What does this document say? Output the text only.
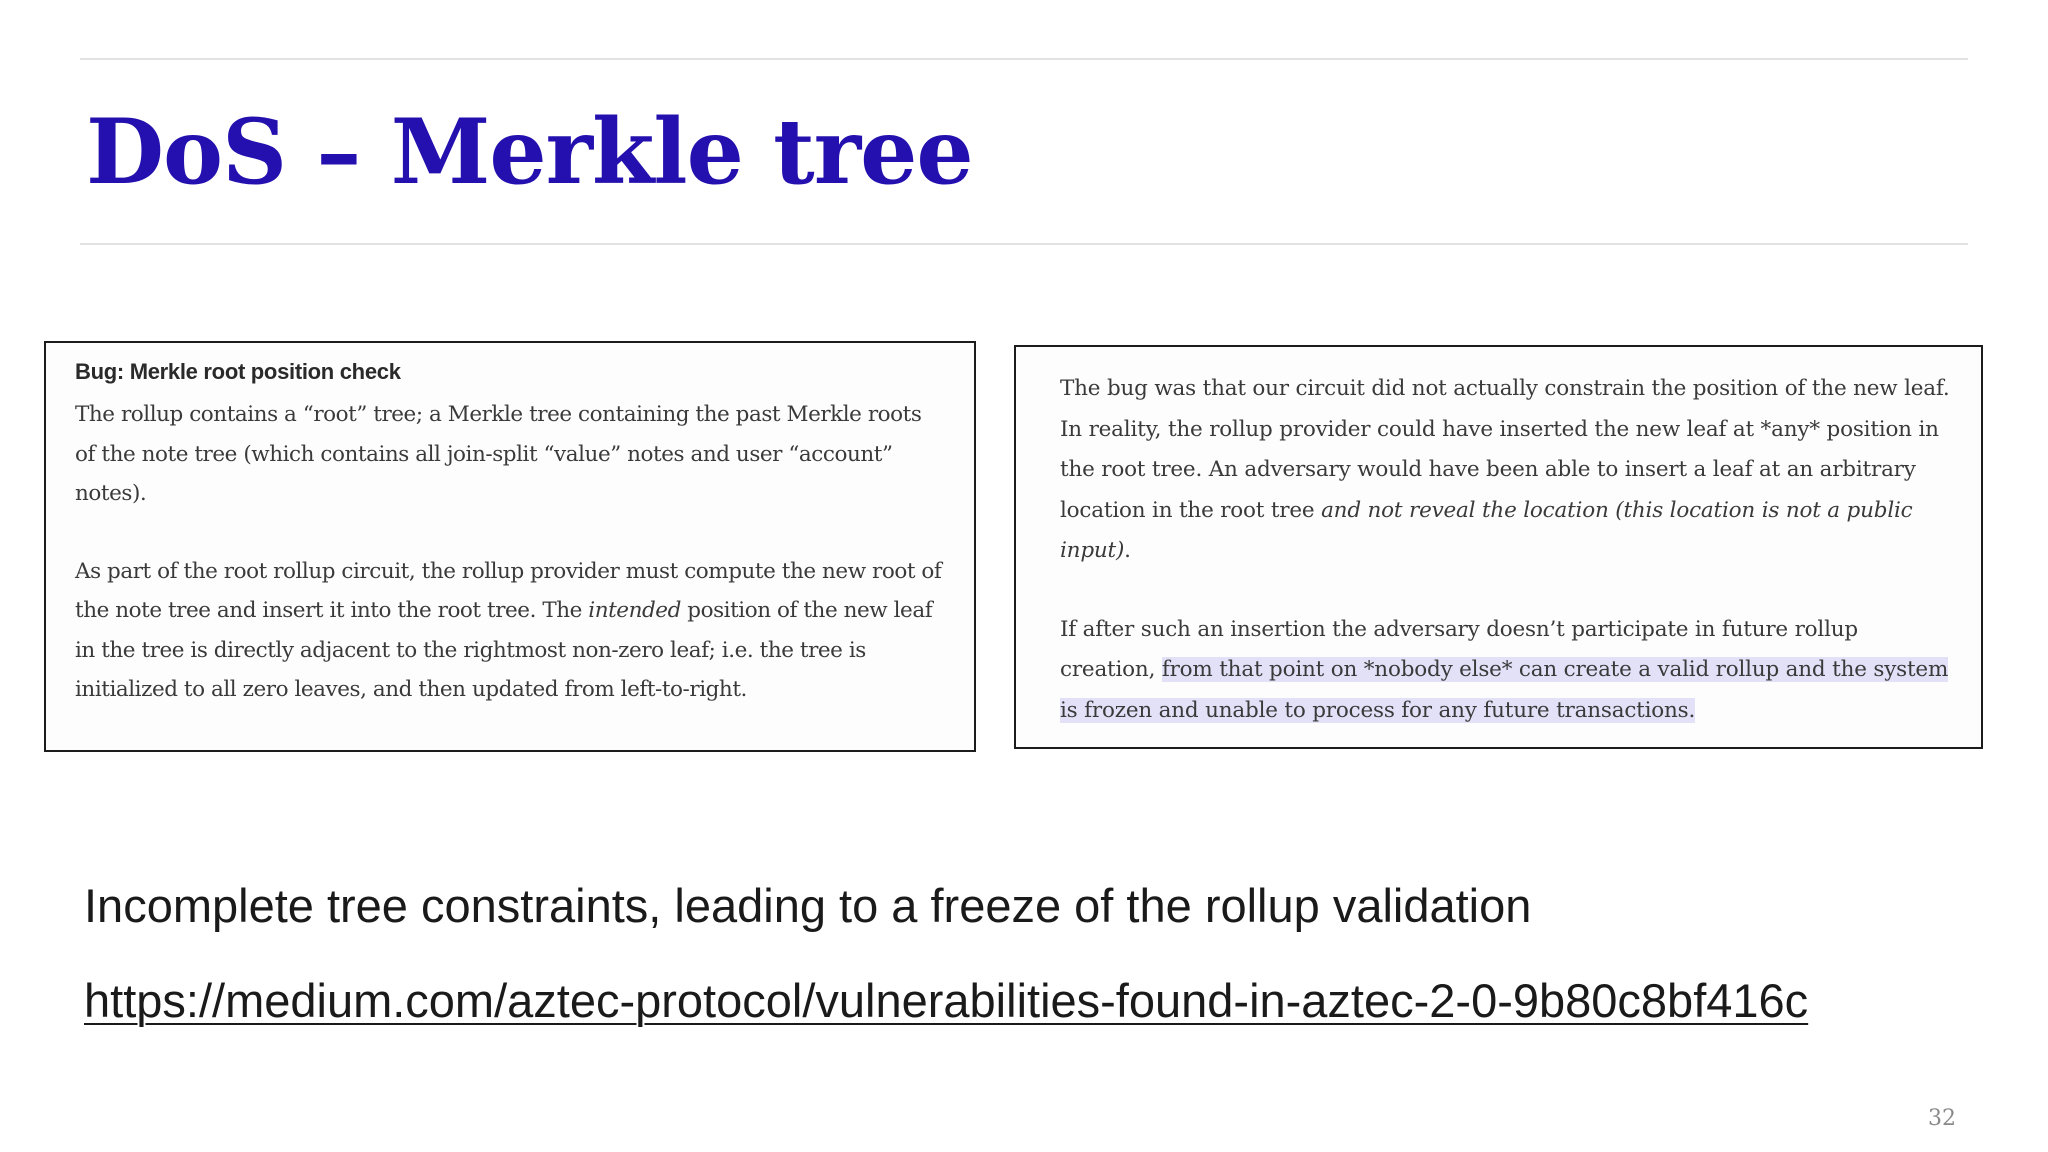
DoS – Merkle tree

Bug: Merkle root position check

The rollup contains a “root” tree; a Merkle tree containing the past Merkle roots of the note tree (which contains all join-split “value” notes and user “account” notes).

As part of the root rollup circuit, the rollup provider must compute the new root of the note tree and insert it into the root tree. The intended position of the new leaf in the tree is directly adjacent to the rightmost non-zero leaf; i.e. the tree is initialized to all zero leaves, and then updated from left-to-right.

The bug was that our circuit did not actually constrain the position of the new leaf. In reality, the rollup provider could have inserted the new leaf at *any* position in the root tree. An adversary would have been able to insert a leaf at an arbitrary location in the root tree and not reveal the location (this location is not a public input).

If after such an insertion the adversary doesn’t participate in future rollup creation, from that point on *nobody else* can create a valid rollup and the system is frozen and unable to process for any future transactions.

Incomplete tree constraints, leading to a freeze of the rollup validation

https://medium.com/aztec-protocol/vulnerabilities-found-in-aztec-2-0-9b80c8bf416c
32
